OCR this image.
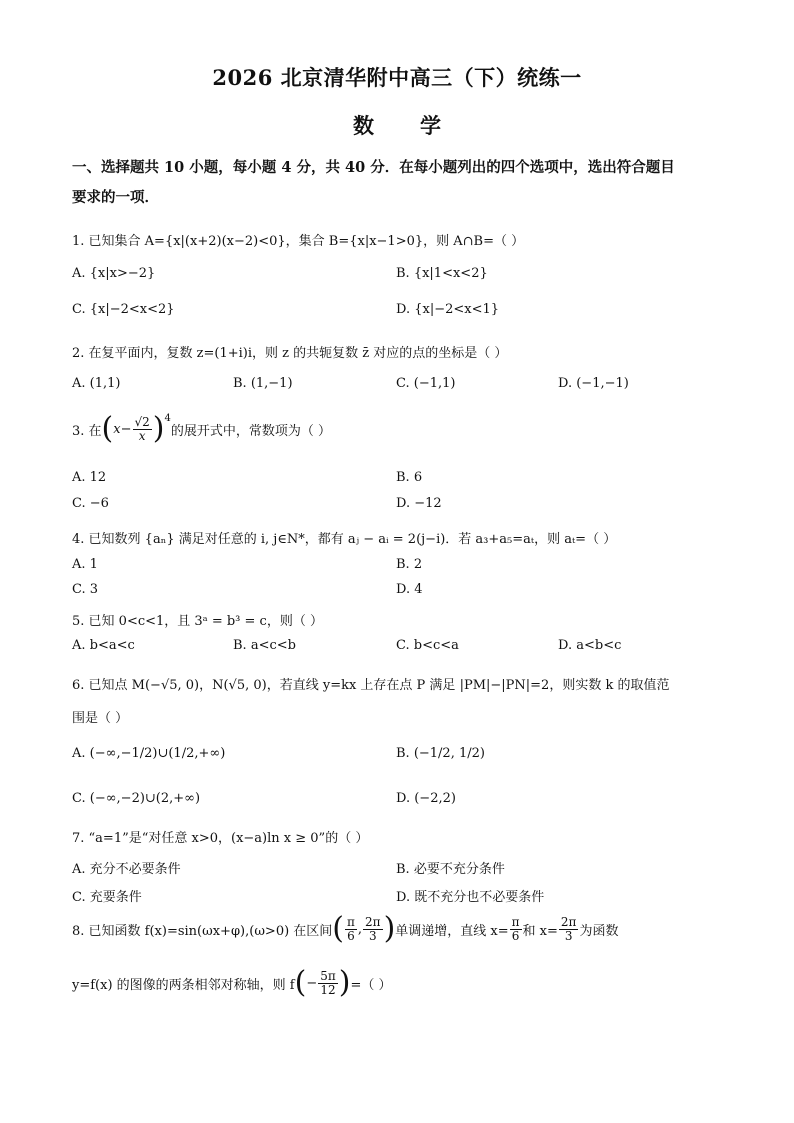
2026 北京清华附中高三（下）统练一
数学
一、选择题共 10 小题，每小题 4 分，共 40 分．在每小题列出的四个选项中，选出符合题目
要求的一项．
1. 已知集合 A={x|(x+2)(x−2)<0}，集合 B={x|x−1>0}，则 A∩B=（ ）
A. {x|x>−2}	B. {x|1<x<2}
C. {x|−2<x<2}	D. {x|−2<x<1}
2. 在复平面内，复数 z=(1+i)i，则 z 的共轭复数 z̄ 对应的点的坐标是（ ）
A. (1,1)	B. (1,−1)	C. (−1,1)	D. (−1,−1)
3. 在 ( $x - \frac{√2}{x} )^4$
的展开式中，常数项为（ ）
A. 12	B. 6
C. −6	D. −12
4. 已知数列 {aₙ} 满足对任意的 i, j∈N*，都有 aⱼ − aᵢ = 2(j−i)．若 a₃+a₅=aₜ，则 aₜ=（ ）
A. 1	B. 2
C. 3	D. 4
5. 已知 0<c<1，且 3ᵃ = b³ = c，则（ ）
A. b<a<c	B. a<c<b	C. b<c<a	D. a<b<c
6. 已知点 M(−√5, 0)，N(√5, 0)，若直线 y=kx 上存在点 P 满足 |PM|−|PN|=2，则实数 k 的取值范
围是（ ）
A. (−∞,−1/2)∪(1/2,+∞)	B. (−1/2, 1/2)
C. (−∞,−2)∪(2,+∞)	D. (−2,2)
7. “a=1”是“对任意 x>0，(x−a)ln x ≥ 0”的（ ）
A. 充分不必要条件	B. 必要不充分条件
C. 充要条件	D. 既不充分也不必要条件
8. 已知函数 f(x)=sin(ωx+φ),(ω>0) 在区间 ( $\frac{\pi}{6}$ , $\frac{2\pi}{3}$ ) 单调递增，直线 $x= \frac{\pi}{6}$ 和 $x= \frac{2\pi}{3}$ 为函数
y=f(x) 的图像的两条相邻对称轴，则 f ( − $\frac{5\pi}{12}$ ) =（ ）
